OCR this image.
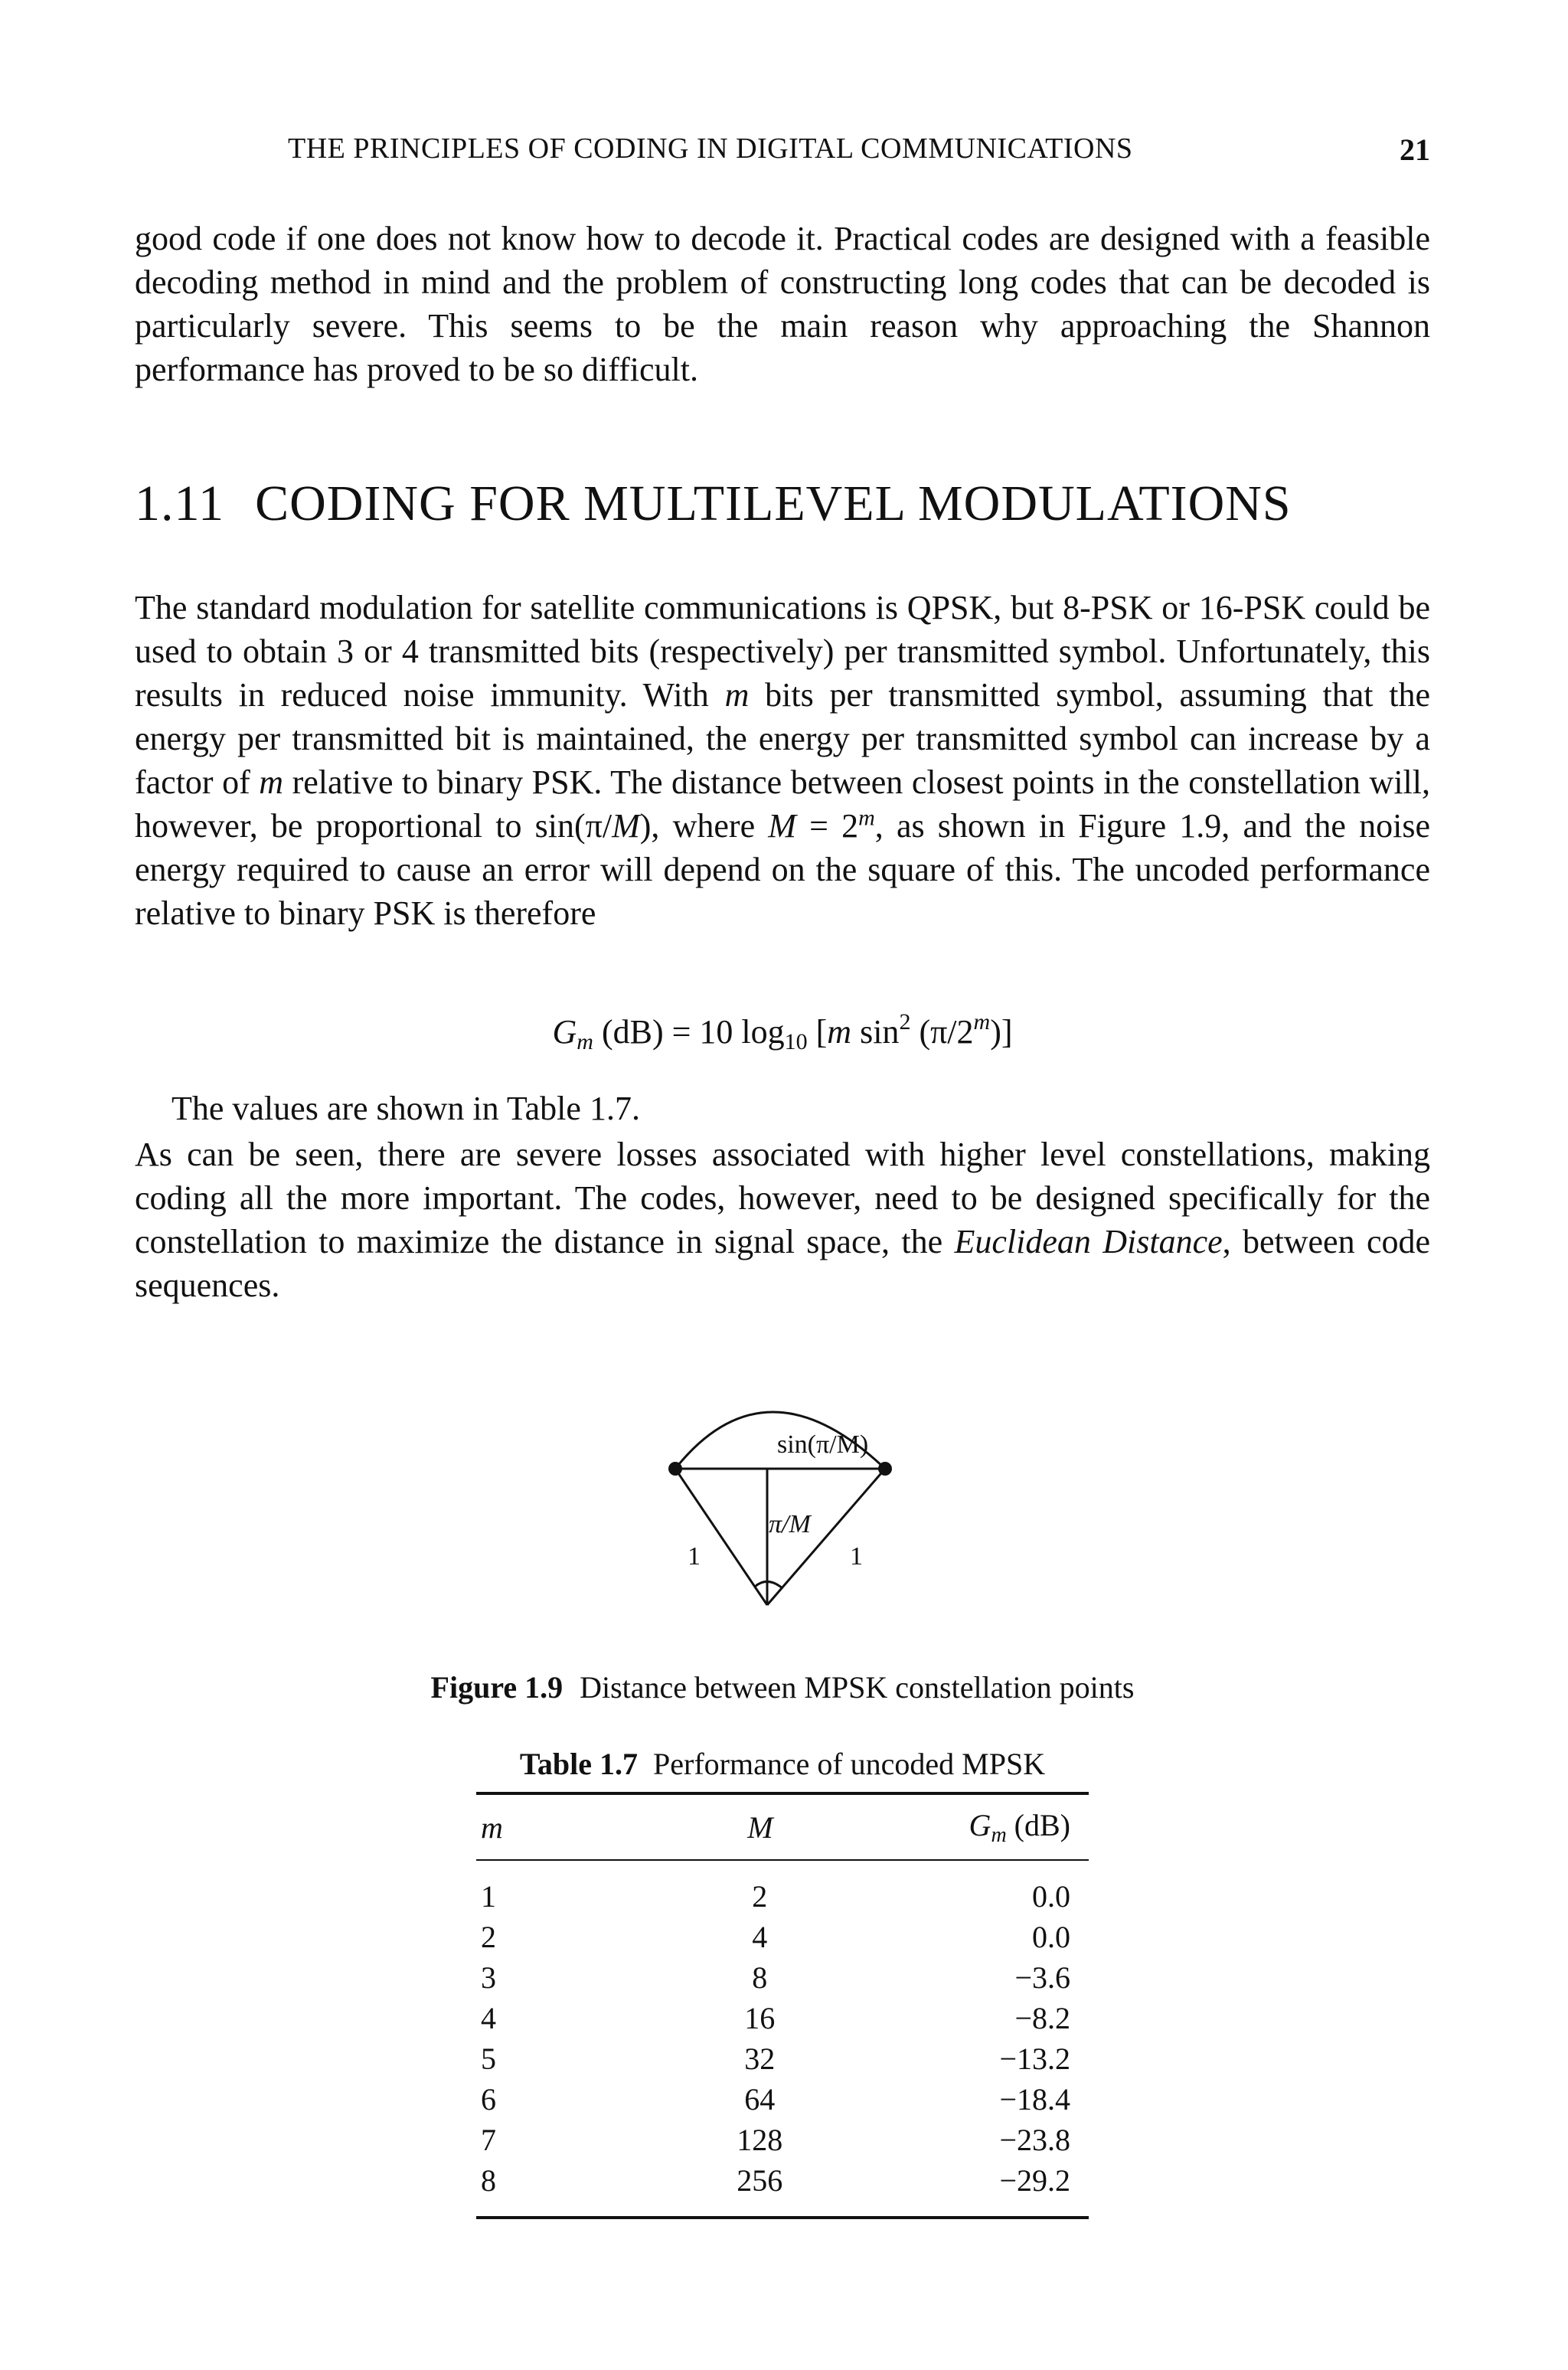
THE PRINCIPLES OF CODING IN DIGITAL COMMUNICATIONS	21

good code if one does not know how to decode it. Practical codes are designed with a feasible decoding method in mind and the problem of constructing long codes that can be decoded is particularly severe. This seems to be the main reason why approaching the Shannon performance has proved to be so difficult.

1.11 CODING FOR MULTILEVEL MODULATIONS

The standard modulation for satellite communications is QPSK, but 8-PSK or 16-PSK could be used to obtain 3 or 4 transmitted bits (respectively) per transmitted symbol. Unfortunately, this results in reduced noise immunity. With m bits per transmitted symbol, assuming that the energy per transmitted bit is maintained, the energy per transmitted symbol can increase by a factor of m relative to binary PSK. The distance between closest points in the constellation will, however, be proportional to sin(π/M), where $M = 2^m$, as shown in Figure 1.9, and the noise energy required to cause an error will depend on the square of this. The uncoded performance relative to binary PSK is therefore

Gm (dB) = 10 log10 [m $\sin^2 (\pi/2^m)$]

The values are shown in Table 1.7.

As can be seen, there are severe losses associated with higher level constellations, making coding all the more important. The codes, however, need to be designed specifically for the constellation to maximize the distance in signal space, the Euclidean Distance, between code sequences.

sin(π/M)
π/M
1	1
Figure 1.9 Distance between MPSK constellation points
Table 1.7 Performance of uncoded MPSK
m	M	$G_m$ (dB)

1	2	0.0
2	4	0.0
3	8	−3.6
4	16	−8.2
5	32	−13.2
6	64	−18.4
7	128	−23.8
8	256	−29.2
